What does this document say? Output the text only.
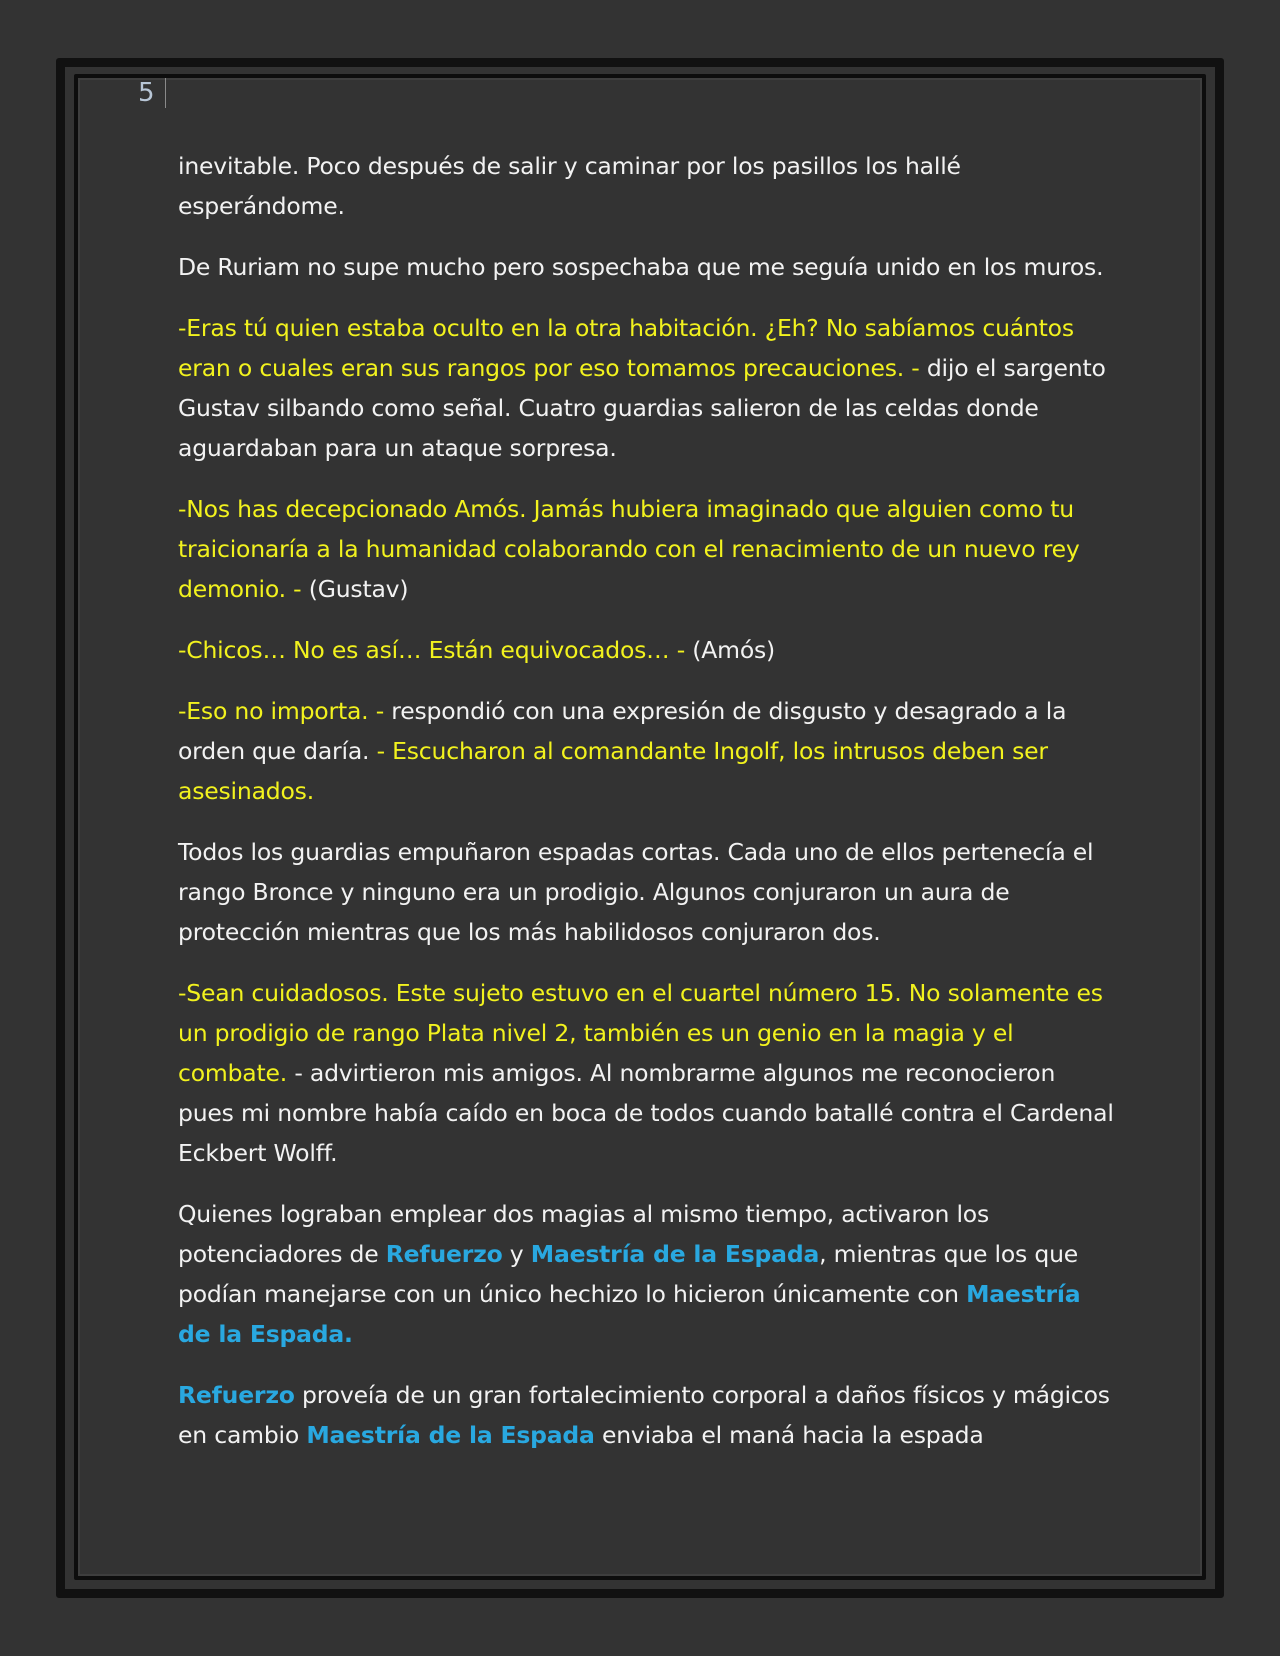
5

inevitable. Poco después de salir y caminar por los pasillos los hallé esperándome.

De Ruriam no supe mucho pero sospechaba que me seguía unido en los muros.

-Eras tú quien estaba oculto en la otra habitación. ¿Eh? No sabíamos cuántos eran o cuales eran sus rangos por eso tomamos precauciones. - dijo el sargento Gustav silbando como señal. Cuatro guardias salieron de las celdas donde aguardaban para un ataque sorpresa.

-Nos has decepcionado Amós. Jamás hubiera imaginado que alguien como tu traicionaría a la humanidad colaborando con el renacimiento de un nuevo rey demonio. - (Gustav)

-Chicos… No es así… Están equivocados… - (Amós)

-Eso no importa. - respondió con una expresión de disgusto y desagrado a la orden que daría. - Escucharon al comandante Ingolf, los intrusos deben ser asesinados.

Todos los guardias empuñaron espadas cortas. Cada uno de ellos pertenecía el rango Bronce y ninguno era un prodigio. Algunos conjuraron un aura de protección mientras que los más habilidosos conjuraron dos.

-Sean cuidadosos. Este sujeto estuvo en el cuartel número 15. No solamente es un prodigio de rango Plata nivel 2, también es un genio en la magia y el combate. - advirtieron mis amigos. Al nombrarme algunos me reconocieron pues mi nombre había caído en boca de todos cuando batallé contra el Cardenal Eckbert Wolff.

Quienes lograban emplear dos magias al mismo tiempo, activaron los potenciadores de Refuerzo y Maestría de la Espada, mientras que los que podían manejarse con un único hechizo lo hicieron únicamente con Maestría de la Espada.

Refuerzo proveía de un gran fortalecimiento corporal a daños físicos y mágicos en cambio Maestría de la Espada enviaba el maná hacia la espada
